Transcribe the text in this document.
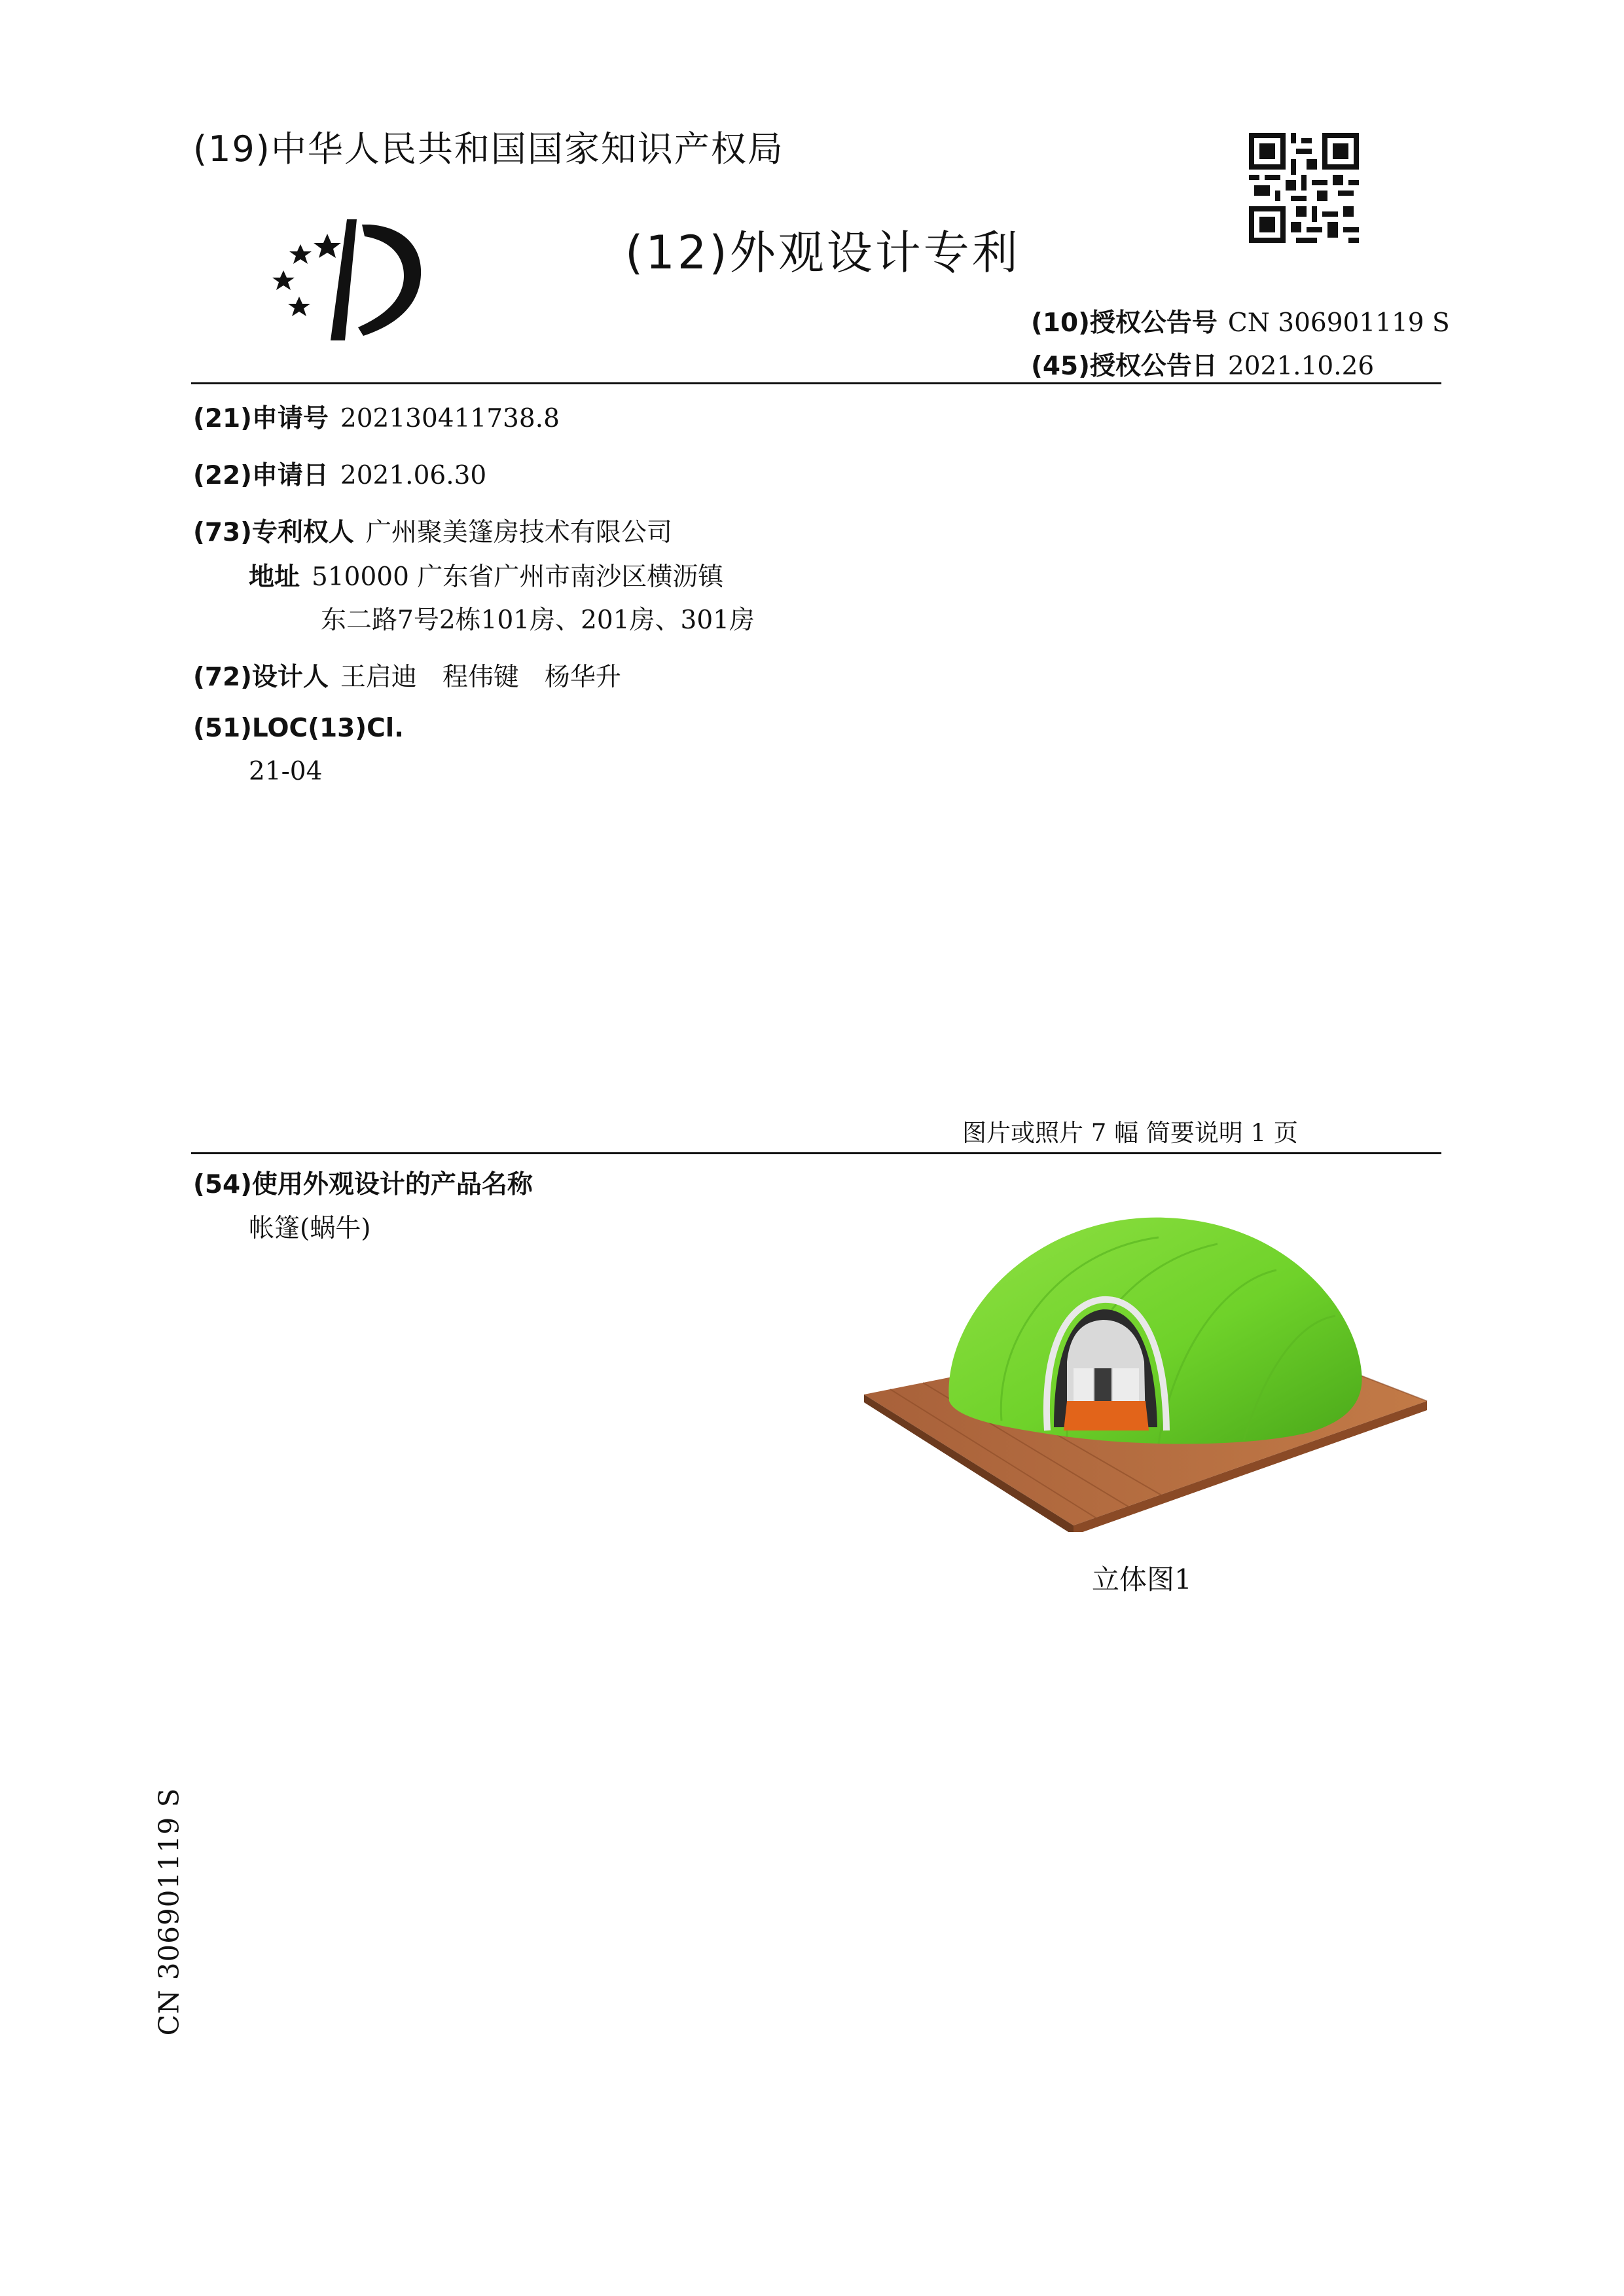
(19)中华人民共和国国家知识产权局
(12)外观设计专利
(10)授权公告号 CN 306901119 S
(45)授权公告日 2021.10.26
(21)申请号 202130411738.8
(22)申请日 2021.06.30
(73)专利权人 广州聚美篷房技术有限公司
地址 510000 广东省广州市南沙区横沥镇
东二路7号2栋101房、201房、301房
(72)设计人 王启迪　程伟键　杨华升
(51)LOC(13)Cl.
21-04
图片或照片 7 幅 简要说明 1 页
(54)使用外观设计的产品名称
帐篷(蜗牛)
立体图1
CN 306901119 S
